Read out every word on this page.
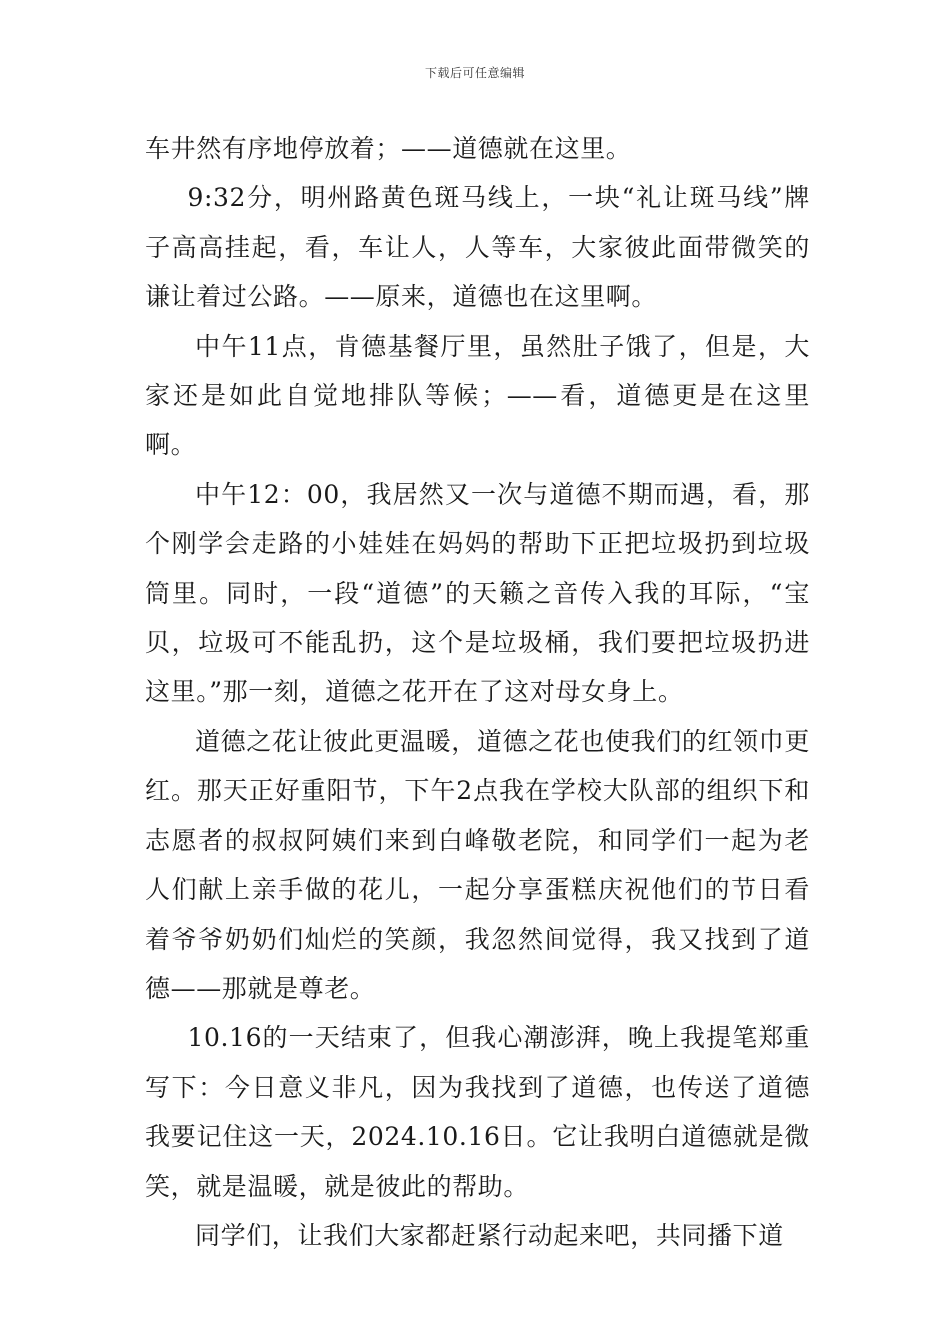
下载后可任意编辑

车井然有序地停放着；——道德就在这里。

9:32分，明州路黄色斑马线上，一块“礼让斑马线”牌子高高挂起，看，车让人，人等车，大家彼此面带微笑的谦让着过公路。——原来，道德也在这里啊。

中午11点，肯德基餐厅里，虽然肚子饿了，但是，大家还是如此自觉地排队等候；——看，道德更是在这里啊。

中午12：00，我居然又一次与道德不期而遇，看，那个刚学会走路的小娃娃在妈妈的帮助下正把垃圾扔到垃圾筒里。同时，一段“道德”的天籁之音传入我的耳际，“宝贝，垃圾可不能乱扔，这个是垃圾桶，我们要把垃圾扔进这里。”那一刻，道德之花开在了这对母女身上。

道德之花让彼此更温暖，道德之花也使我们的红领巾更红。那天正好重阳节，下午2点我在学校大队部的组织下和志愿者的叔叔阿姨们来到白峰敬老院，和同学们一起为老人们献上亲手做的花儿，一起分享蛋糕庆祝他们的节日看着爷爷奶奶们灿烂的笑颜，我忽然间觉得，我又找到了道德——那就是尊老。

10.16的一天结束了，但我心潮澎湃，晚上我提笔郑重写下：今日意义非凡，因为我找到了道德，也传送了道德我要记住这一天，2024.10.16日。它让我明白道德就是微笑，就是温暖，就是彼此的帮助。

同学们，让我们大家都赶紧行动起来吧，共同播下道
